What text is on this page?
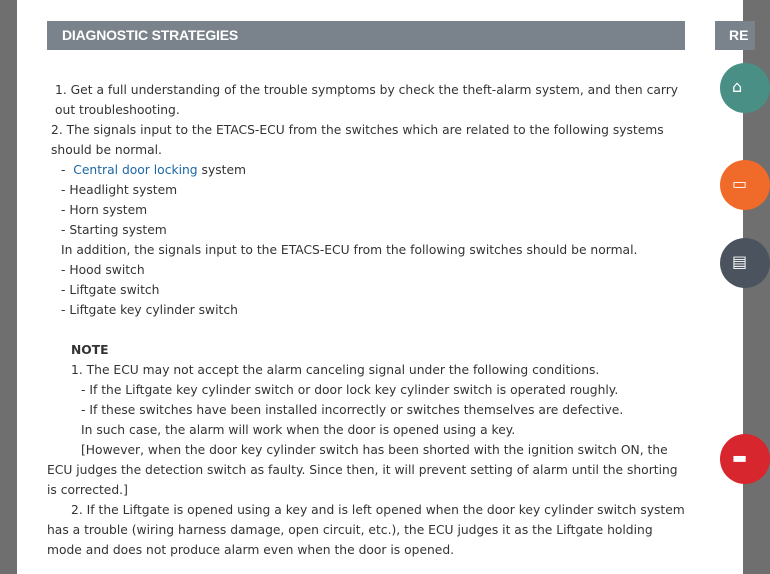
DIAGNOSTIC STRATEGIES

1. Get a full understanding of the trouble symptoms by check the theft-alarm system, and then carry out troubleshooting.

2. The signals input to the ETACS-ECU from the switches which are related to the following systems should be normal.

- Central door locking system

- Headlight system

- Horn system

- Starting system

In addition, the signals input to the ETACS-ECU from the following switches should be normal.

- Hood switch

- Liftgate switch

- Liftgate key cylinder switch

NOTE

1. The ECU may not accept the alarm canceling signal under the following conditions.

- If the Liftgate key cylinder switch or door lock key cylinder switch is operated roughly.

- If these switches have been installed incorrectly or switches themselves are defective.

In such case, the alarm will work when the door is opened using a key.

[However, when the door key cylinder switch has been shorted with the ignition switch ON, the ECU judges the detection switch as faulty. Since then, it will prevent setting of alarm until the shorting is corrected.]

2. If the Liftgate is opened using a key and is left opened when the door key cylinder switch system has a trouble (wiring harness damage, open circuit, etc.), the ECU judges it as the Liftgate holding mode and does not produce alarm even when the door is opened.

RE
⌂
▭
▤
▬
